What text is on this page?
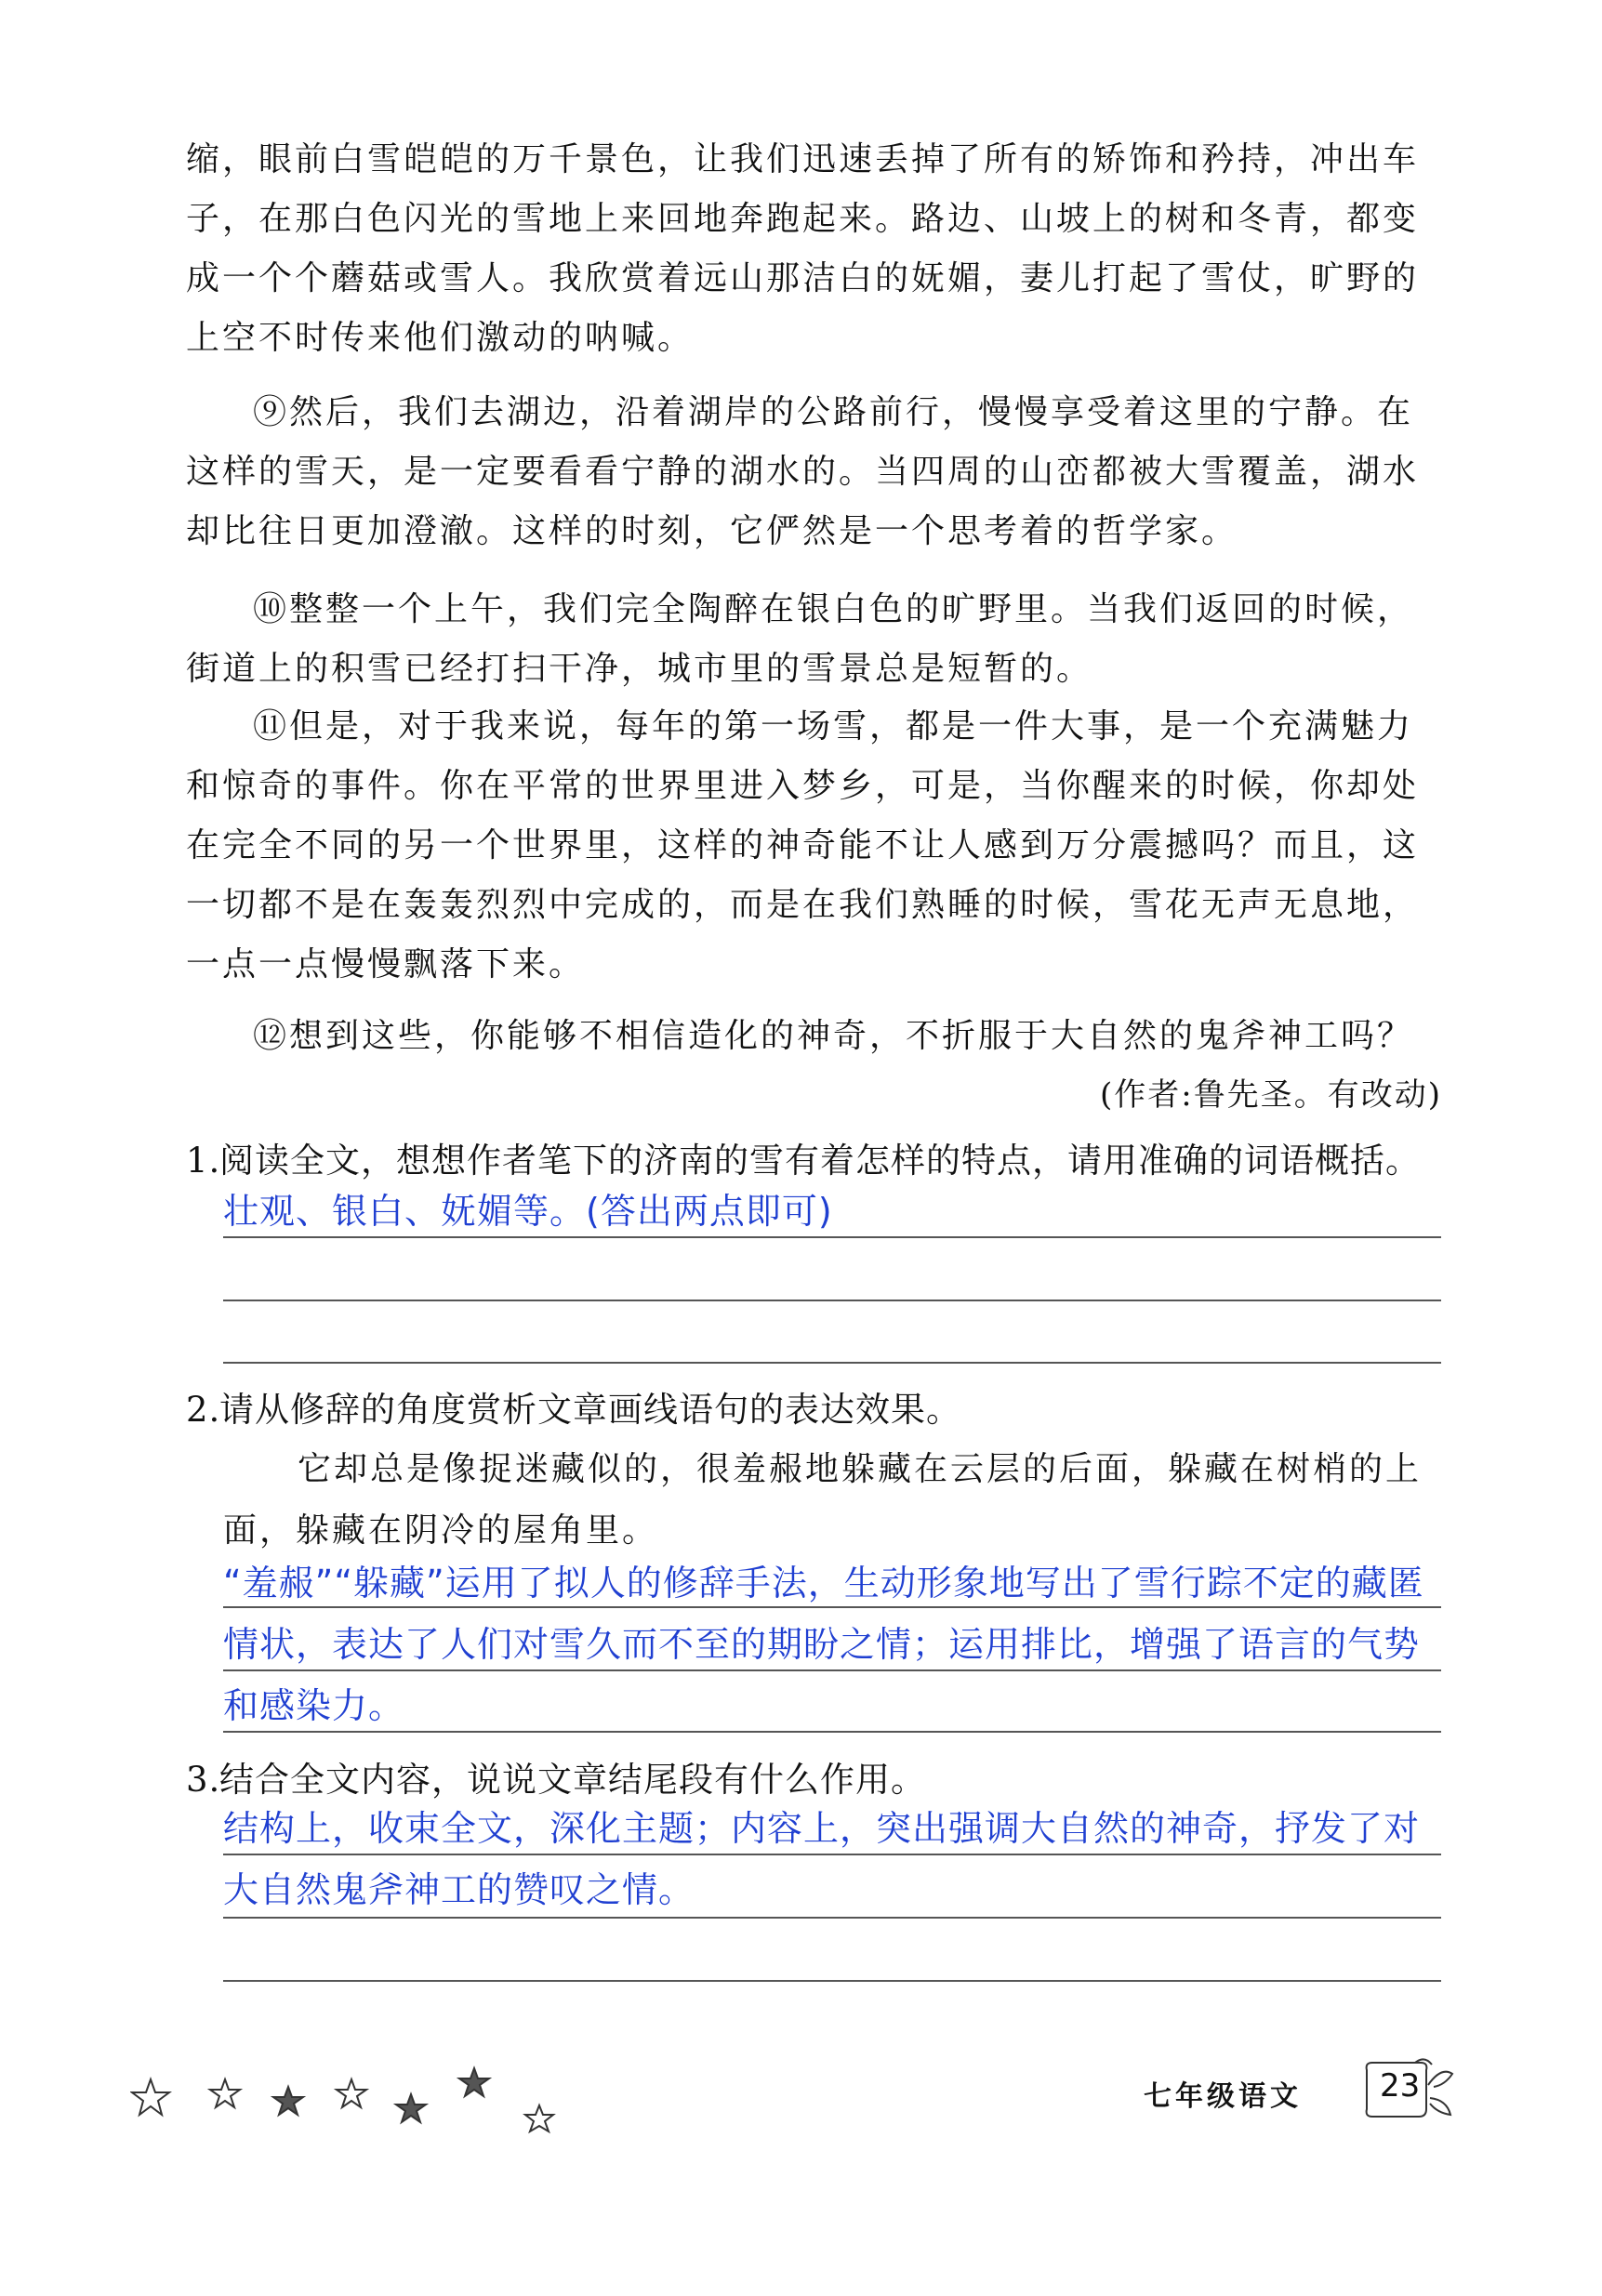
缩，眼前白雪皑皑的万千景色，让我们迅速丢掉了所有的矫饰和矜持，冲出车子，在那白色闪光的雪地上来回地奔跑起来。路边、山坡上的树和冬青，都变成一个个蘑菇或雪人。我欣赏着远山那洁白的妩媚，妻儿打起了雪仗，旷野的上空不时传来他们激动的呐喊。

⑨然后，我们去湖边，沿着湖岸的公路前行，慢慢享受着这里的宁静。在这样的雪天，是一定要看看宁静的湖水的。当四周的山峦都被大雪覆盖，湖水却比往日更加澄澈。这样的时刻，它俨然是一个思考着的哲学家。

⑩整整一个上午，我们完全陶醉在银白色的旷野里。当我们返回的时候，街道上的积雪已经打扫干净，城市里的雪景总是短暂的。

⑪但是，对于我来说，每年的第一场雪，都是一件大事，是一个充满魅力和惊奇的事件。你在平常的世界里进入梦乡，可是，当你醒来的时候，你却处在完全不同的另一个世界里，这样的神奇能不让人感到万分震撼吗？而且，这一切都不是在轰轰烈烈中完成的，而是在我们熟睡的时候，雪花无声无息地，一点一点慢慢飘落下来。

⑫想到这些，你能够不相信造化的神奇，不折服于大自然的鬼斧神工吗？

(作者:鲁先圣。有改动)
1.阅读全文，想想作者笔下的济南的雪有着怎样的特点，请用准确的词语概括。
壮观、银白、妩媚等。(答出两点即可)
2.请从修辞的角度赏析文章画线语句的表达效果。

它却总是像捉迷藏似的，很羞赧地躲藏在云层的后面，躲藏在树梢的上面，躲藏在阴冷的屋角里。

“羞赧”“躲藏”运用了拟人的修辞手法，生动形象地写出了雪行踪不定的藏匿情状，表达了人们对雪久而不至的期盼之情；运用排比，增强了语言的气势和感染力。
3.结合全文内容，说说文章结尾段有什么作用。
结构上，收束全文，深化主题；内容上，突出强调大自然的神奇，抒发了对大自然鬼斧神工的赞叹之情。
七年级语文 23
